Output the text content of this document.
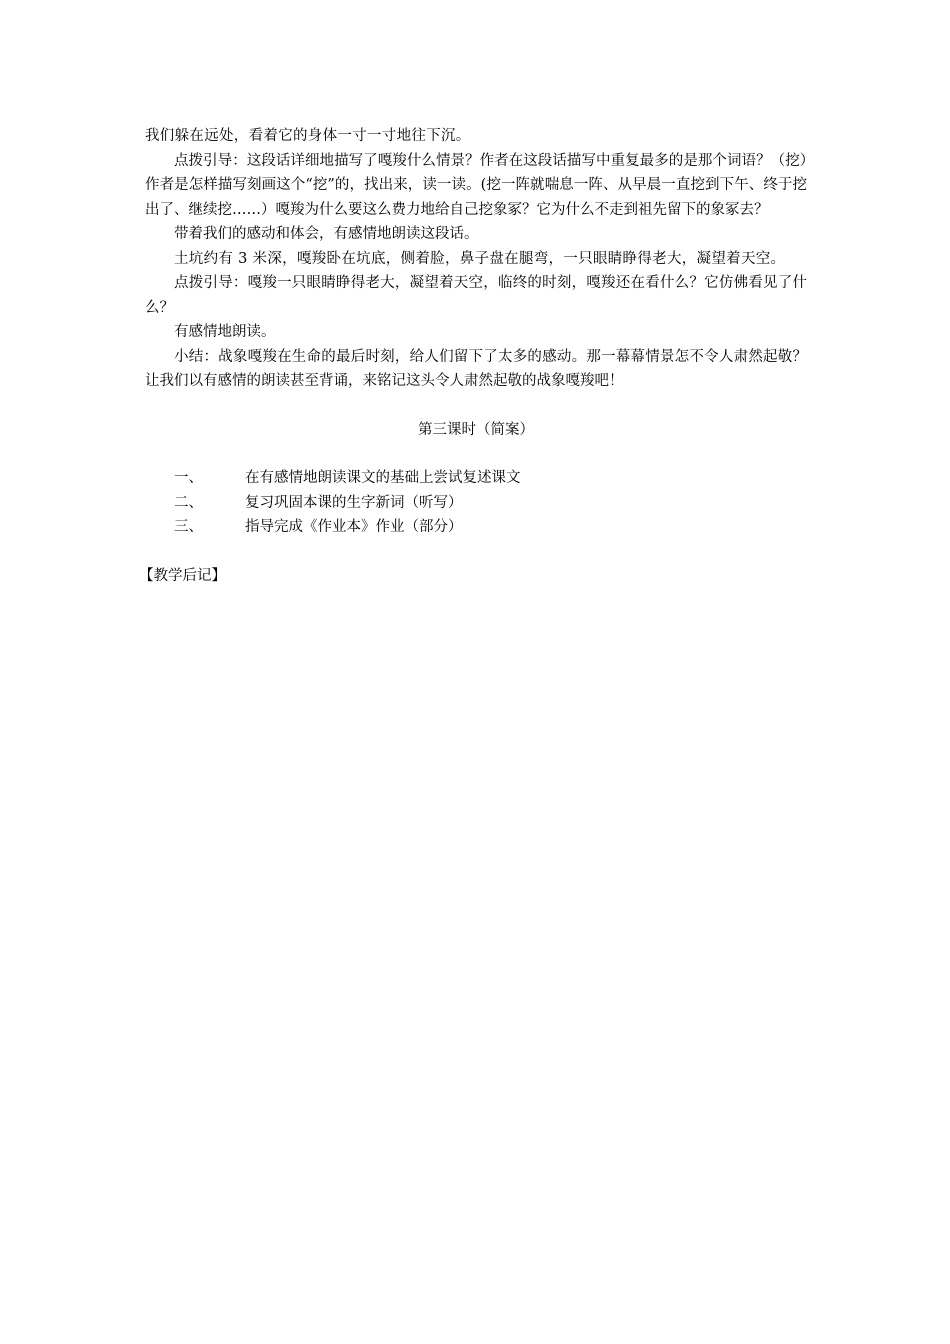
我们躲在远处，看着它的身体一寸一寸地往下沉。

点拨引导：这段话详细地描写了嘎羧什么情景？作者在这段话描写中重复最多的是那个词语？（挖）作者是怎样描写刻画这个“挖”的，找出来，读一读。(挖一阵就喘息一阵、从早晨一直挖到下午、终于挖出了、继续挖……）嘎羧为什么要这么费力地给自己挖象冢？它为什么不走到祖先留下的象冢去？

带着我们的感动和体会，有感情地朗读这段话。

土坑约有 3 米深，嘎羧卧在坑底，侧着脸，鼻子盘在腿弯，一只眼睛睁得老大，凝望着天空。

点拨引导：嘎羧一只眼睛睁得老大，凝望着天空，临终的时刻，嘎羧还在看什么？它仿佛看见了什么？

有感情地朗读。

小结：战象嘎羧在生命的最后时刻，给人们留下了太多的感动。那一幕幕情景怎不令人肃然起敬？让我们以有感情的朗读甚至背诵，来铭记这头令人肃然起敬的战象嘎羧吧！

第三课时（简案）

一、	在有感情地朗读课文的基础上尝试复述课文
二、	复习巩固本课的生字新词（听写）
三、	指导完成《作业本》作业（部分）

【教学后记】
